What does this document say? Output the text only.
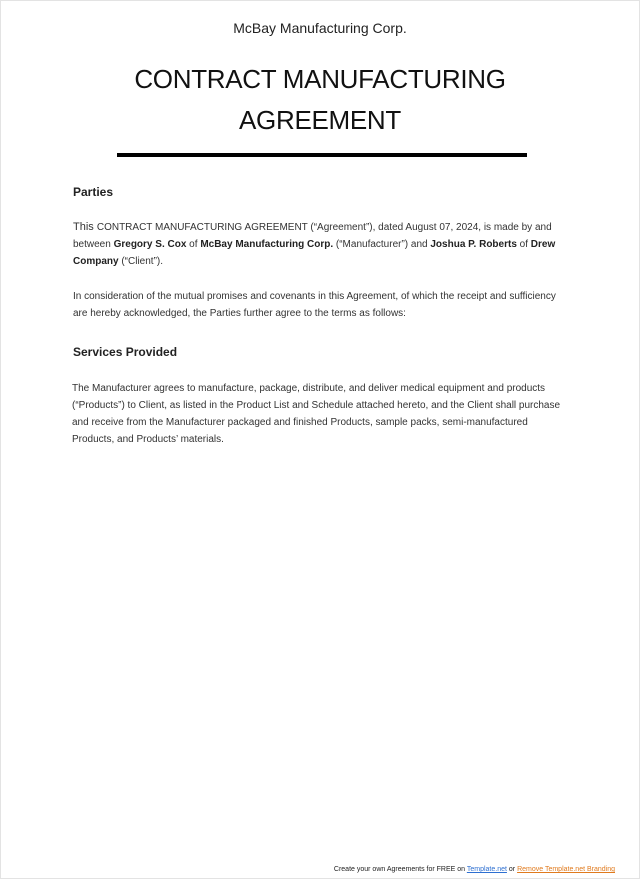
McBay Manufacturing Corp.
CONTRACT MANUFACTURING AGREEMENT
Parties
This CONTRACT MANUFACTURING AGREEMENT (“Agreement”), dated August 07, 2024, is made by and between Gregory S. Cox of McBay Manufacturing Corp. (“Manufacturer”) and Joshua P. Roberts of Drew Company (“Client”).
In consideration of the mutual promises and covenants in this Agreement, of which the receipt and sufficiency are hereby acknowledged, the Parties further agree to the terms as follows:
Services Provided
The Manufacturer agrees to manufacture, package, distribute, and deliver medical equipment and products (“Products”) to Client, as listed in the Product List and Schedule attached hereto, and the Client shall purchase and receive from the Manufacturer packaged and finished Products, sample packs, semi-manufactured Products, and Products’ materials.
Create your own Agreements for FREE on Template.net or Remove Template.net Branding
